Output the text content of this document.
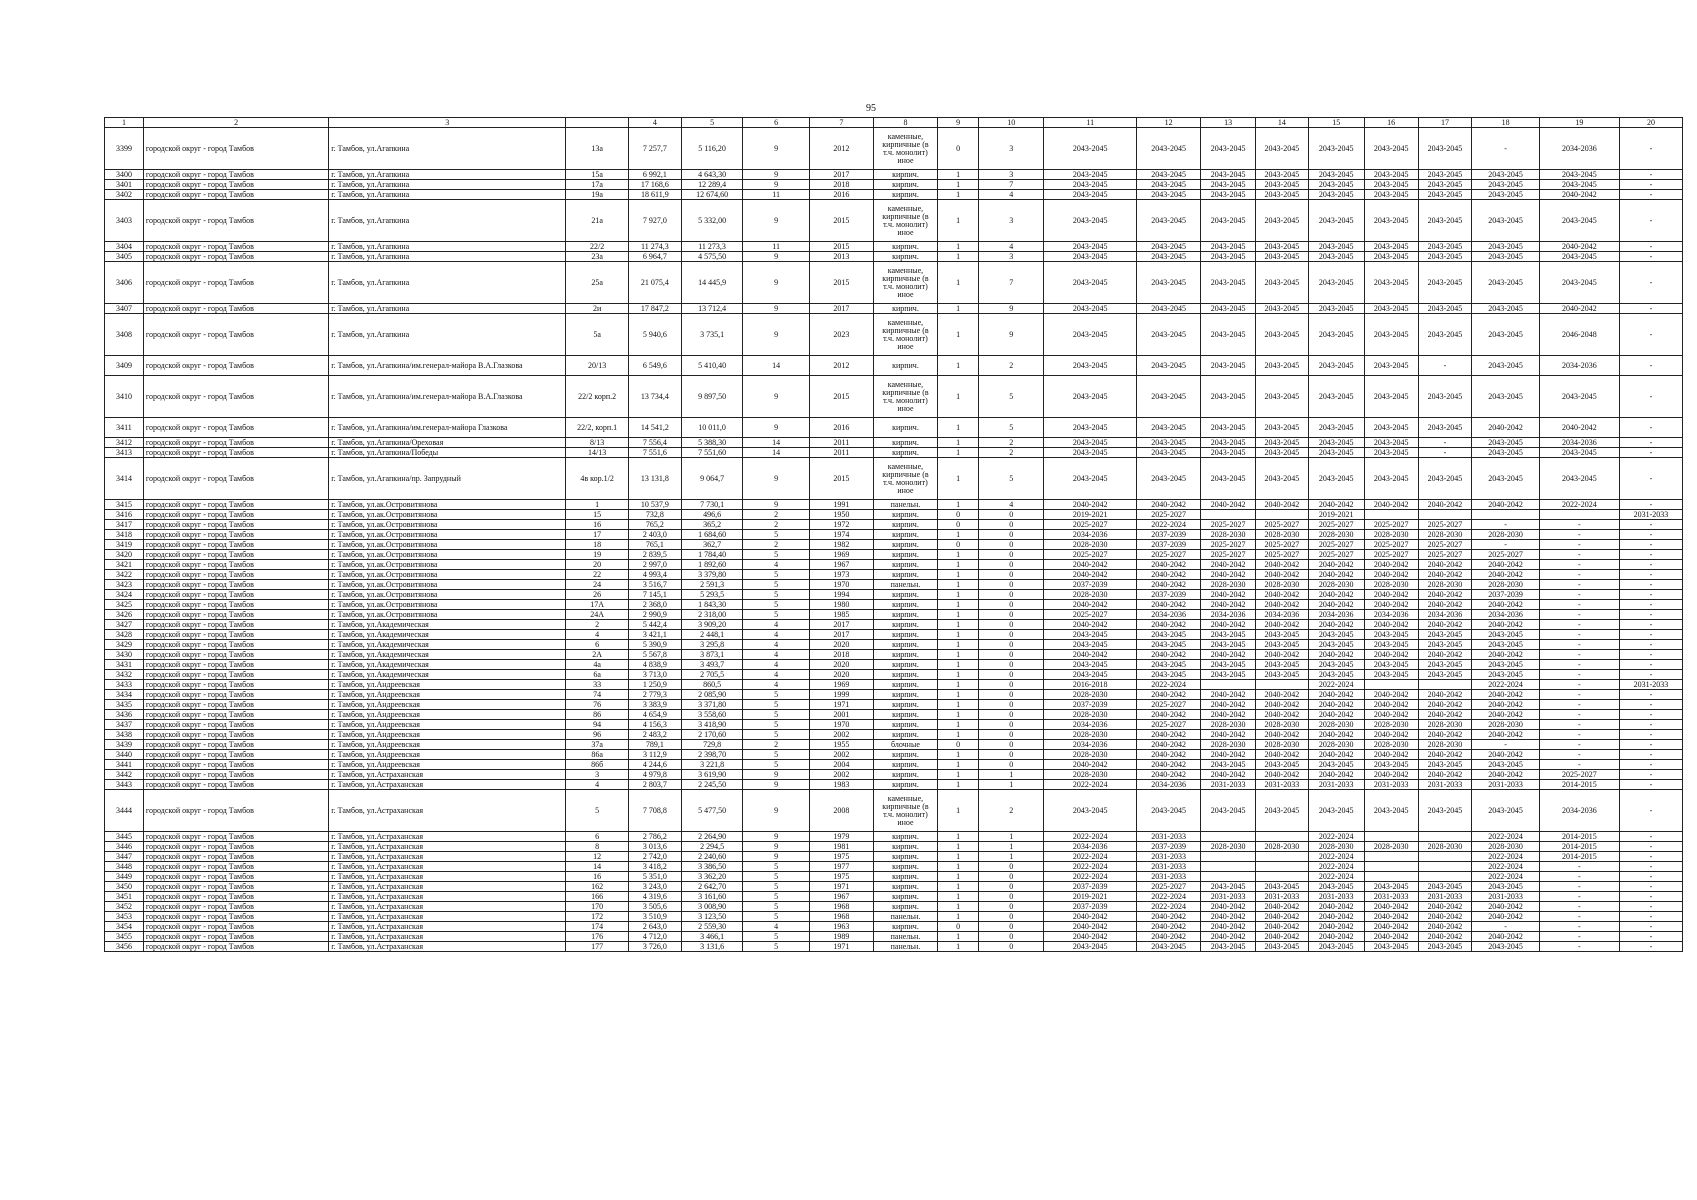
95
1	2	3		4	5	6	7	8	9	10	11	12	13	14	15	16	17	18	19	20
3399	городской округ - город Тамбов	г. Тамбов, ул.Агапкина	13а	7 257,7	5 116,20	9	2012	каменные, кирпичные (в т.ч. монолит) иное	0	3	2043-2045	2043-2045	2043-2045	2043-2045	2043-2045	2043-2045	2043-2045	-	2034-2036	-
3400	городской округ - город Тамбов	г. Тамбов, ул.Агапкина	15а	6 992,1	4 643,30	9	2017	кирпич.	1	3	2043-2045	2043-2045	2043-2045	2043-2045	2043-2045	2043-2045	2043-2045	2043-2045	2043-2045	-
3401	городской округ - город Тамбов	г. Тамбов, ул.Агапкина	17а	17 168,6	12 289,4	9	2018	кирпич.	1	7	2043-2045	2043-2045	2043-2045	2043-2045	2043-2045	2043-2045	2043-2045	2043-2045	2043-2045	-
3402	городской округ - город Тамбов	г. Тамбов, ул.Агапкина	19а	18 611,9	12 674,60	11	2016	кирпич.	1	4	2043-2045	2043-2045	2043-2045	2043-2045	2043-2045	2043-2045	2043-2045	2043-2045	2040-2042	-
3403	городской округ - город Тамбов	г. Тамбов, ул.Агапкина	21а	7 927,0	5 332,00	9	2015	каменные, кирпичные (в т.ч. монолит) иное	1	3	2043-2045	2043-2045	2043-2045	2043-2045	2043-2045	2043-2045	2043-2045	2043-2045	2043-2045	-
3404	городской округ - город Тамбов	г. Тамбов, ул.Агапкина	22/2	11 274,3	11 273,3	11	2015	кирпич.	1	4	2043-2045	2043-2045	2043-2045	2043-2045	2043-2045	2043-2045	2043-2045	2043-2045	2040-2042	-
3405	городской округ - город Тамбов	г. Тамбов, ул.Агапкина	23а	6 964,7	4 575,50	9	2013	кирпич.	1	3	2043-2045	2043-2045	2043-2045	2043-2045	2043-2045	2043-2045	2043-2045	2043-2045	2043-2045	-
3406	городской округ - город Тамбов	г. Тамбов, ул.Агапкина	25а	21 075,4	14 445,9	9	2015	каменные, кирпичные (в т.ч. монолит) иное	1	7	2043-2045	2043-2045	2043-2045	2043-2045	2043-2045	2043-2045	2043-2045	2043-2045	2043-2045	-
3407	городской округ - город Тамбов	г. Тамбов, ул.Агапкина	2и	17 847,2	13 712,4	9	2017	кирпич.	1	9	2043-2045	2043-2045	2043-2045	2043-2045	2043-2045	2043-2045	2043-2045	2043-2045	2040-2042	-
3408	городской округ - город Тамбов	г. Тамбов, ул.Агапкина	5а	5 940,6	3 735,1	9	2023	каменные, кирпичные (в т.ч. монолит) иное	1	9	2043-2045	2043-2045	2043-2045	2043-2045	2043-2045	2043-2045	2043-2045	2043-2045	2046-2048	-
3409	городской округ - город Тамбов	г. Тамбов, ул.Агапкина/им.генерал-майора В.А.Глазкова	20/13	6 549,6	5 410,40	14	2012	кирпич.	1	2	2043-2045	2043-2045	2043-2045	2043-2045	2043-2045	2043-2045	-	2043-2045	2034-2036	-
3410	городской округ - город Тамбов	г. Тамбов, ул.Агапкина/им.генерал-майора В.А.Глазкова	22/2 корп.2	13 734,4	9 897,50	9	2015	каменные, кирпичные (в т.ч. монолит) иное	1	5	2043-2045	2043-2045	2043-2045	2043-2045	2043-2045	2043-2045	2043-2045	2043-2045	2043-2045	-
3411	городской округ - город Тамбов	г. Тамбов, ул.Агапкина/им.генерал-майора Глазкова	22/2, корп.1	14 541,2	10 011,0	9	2016	кирпич.	1	5	2043-2045	2043-2045	2043-2045	2043-2045	2043-2045	2043-2045	2043-2045	2040-2042	2040-2042	-
3412	городской округ - город Тамбов	г. Тамбов, ул.Агапкина/Ореховая	8/13	7 556,4	5 388,30	14	2011	кирпич.	1	2	2043-2045	2043-2045	2043-2045	2043-2045	2043-2045	2043-2045	-	2043-2045	2034-2036	-
3413	городской округ - город Тамбов	г. Тамбов, ул.Агапкина/Победы	14/13	7 551,6	7 551,60	14	2011	кирпич.	1	2	2043-2045	2043-2045	2043-2045	2043-2045	2043-2045	2043-2045	-	2043-2045	2043-2045	-
3414	городской округ - город Тамбов	г. Тамбов, ул.Агапкина/пр. Запрудный	4в кор.1/2	13 131,8	9 064,7	9	2015	каменные, кирпичные (в т.ч. монолит) иное	1	5	2043-2045	2043-2045	2043-2045	2043-2045	2043-2045	2043-2045	2043-2045	2043-2045	2043-2045	-
3415	городской округ - город Тамбов	г. Тамбов, ул.ак.Островитянова	1	10 537,9	7 730,1	9	1991	панельн.	1	4	2040-2042	2040-2042	2040-2042	2040-2042	2040-2042	2040-2042	2040-2042	2040-2042	2022-2024	-
3416	городской округ - город Тамбов	г. Тамбов, ул.ак.Островитянова	15	732,8	496,6	2	1950	кирпич.	0	0	2019-2021	2025-2027			2019-2021					2031-2033
3417	городской округ - город Тамбов	г. Тамбов, ул.ак.Островитянова	16	765,2	365,2	2	1972	кирпич.	0	0	2025-2027	2022-2024	2025-2027	2025-2027	2025-2027	2025-2027	2025-2027	-	-	-
3418	городской округ - город Тамбов	г. Тамбов, ул.ак.Островитянова	17	2 403,0	1 684,60	5	1974	кирпич.	1	0	2034-2036	2037-2039	2028-2030	2028-2030	2028-2030	2028-2030	2028-2030	2028-2030	-	-
3419	городской округ - город Тамбов	г. Тамбов, ул.ак.Островитянова	18	765,1	362,7	2	1982	кирпич.	0	0	2028-2030	2037-2039	2025-2027	2025-2027	2025-2027	2025-2027	2025-2027	-	-	-
3420	городской округ - город Тамбов	г. Тамбов, ул.ак.Островитянова	19	2 839,5	1 784,40	5	1969	кирпич.	1	0	2025-2027	2025-2027	2025-2027	2025-2027	2025-2027	2025-2027	2025-2027	2025-2027	-	-
3421	городской округ - город Тамбов	г. Тамбов, ул.ак.Островитянова	20	2 997,0	1 892,60	4	1967	кирпич.	1	0	2040-2042	2040-2042	2040-2042	2040-2042	2040-2042	2040-2042	2040-2042	2040-2042	-	-
3422	городской округ - город Тамбов	г. Тамбов, ул.ак.Островитянова	22	4 993,4	3 379,80	5	1973	кирпич.	1	0	2040-2042	2040-2042	2040-2042	2040-2042	2040-2042	2040-2042	2040-2042	2040-2042	-	-
3423	городской округ - город Тамбов	г. Тамбов, ул.ак.Островитянова	24	3 516,7	2 591,3	5	1970	панельн.	1	0	2037-2039	2040-2042	2028-2030	2028-2030	2028-2030	2028-2030	2028-2030	2028-2030	-	-
3424	городской округ - город Тамбов	г. Тамбов, ул.ак.Островитянова	26	7 145,1	5 293,5	5	1994	кирпич.	1	0	2028-2030	2037-2039	2040-2042	2040-2042	2040-2042	2040-2042	2040-2042	2037-2039	-	-
3425	городской округ - город Тамбов	г. Тамбов, ул.ак.Островитянова	17А	2 368,0	1 843,30	5	1980	кирпич.	1	0	2040-2042	2040-2042	2040-2042	2040-2042	2040-2042	2040-2042	2040-2042	2040-2042	-	-
3426	городской округ - город Тамбов	г. Тамбов, ул.ак.Островитянова	24А	2 990,9	2 318,00	5	1985	кирпич.	1	0	2025-2027	2034-2036	2034-2036	2034-2036	2034-2036	2034-2036	2034-2036	2034-2036	-	-
3427	городской округ - город Тамбов	г. Тамбов, ул.Академическая	2	5 442,4	3 909,20	4	2017	кирпич.	1	0	2040-2042	2040-2042	2040-2042	2040-2042	2040-2042	2040-2042	2040-2042	2040-2042	-	-
3428	городской округ - город Тамбов	г. Тамбов, ул.Академическая	4	3 421,1	2 448,1	4	2017	кирпич.	1	0	2043-2045	2043-2045	2043-2045	2043-2045	2043-2045	2043-2045	2043-2045	2043-2045	-	-
3429	городской округ - город Тамбов	г. Тамбов, ул.Академическая	6	5 390,9	3 295,8	4	2020	кирпич.	1	0	2043-2045	2043-2045	2043-2045	2043-2045	2043-2045	2043-2045	2043-2045	2043-2045	-	-
3430	городской округ - город Тамбов	г. Тамбов, ул.Академическая	2А	5 567,8	3 873,1	4	2018	кирпич.	1	0	2040-2042	2040-2042	2040-2042	2040-2042	2040-2042	2040-2042	2040-2042	2040-2042	-	-
3431	городской округ - город Тамбов	г. Тамбов, ул.Академическая	4а	4 838,9	3 493,7	4	2020	кирпич.	1	0	2043-2045	2043-2045	2043-2045	2043-2045	2043-2045	2043-2045	2043-2045	2043-2045	-	-
3432	городской округ - город Тамбов	г. Тамбов, ул.Академическая	6а	3 713,0	2 705,5	4	2020	кирпич.	1	0	2043-2045	2043-2045	2043-2045	2043-2045	2043-2045	2043-2045	2043-2045	2043-2045	-	-
3433	городской округ - город Тамбов	г. Тамбов, ул.Андреевская	33	1 250,9	860,5	4	1969	кирпич.	1	0	2016-2018	2022-2024			2022-2024			2022-2024	-	2031-2033
3434	городской округ - город Тамбов	г. Тамбов, ул.Андреевская	74	2 779,3	2 085,90	5	1999	кирпич.	1	0	2028-2030	2040-2042	2040-2042	2040-2042	2040-2042	2040-2042	2040-2042	2040-2042	-	-
3435	городской округ - город Тамбов	г. Тамбов, ул.Андреевская	76	3 383,9	3 371,80	5	1971	кирпич.	1	0	2037-2039	2025-2027	2040-2042	2040-2042	2040-2042	2040-2042	2040-2042	2040-2042	-	-
3436	городской округ - город Тамбов	г. Тамбов, ул.Андреевская	86	4 654,9	3 558,60	5	2001	кирпич.	1	0	2028-2030	2040-2042	2040-2042	2040-2042	2040-2042	2040-2042	2040-2042	2040-2042	-	-
3437	городской округ - город Тамбов	г. Тамбов, ул.Андреевская	94	4 156,3	3 418,90	5	1970	кирпич.	1	0	2034-2036	2025-2027	2028-2030	2028-2030	2028-2030	2028-2030	2028-2030	2028-2030	-	-
3438	городской округ - город Тамбов	г. Тамбов, ул.Андреевская	96	2 483,2	2 170,60	5	2002	кирпич.	1	0	2028-2030	2040-2042	2040-2042	2040-2042	2040-2042	2040-2042	2040-2042	2040-2042	-	-
3439	городской округ - город Тамбов	г. Тамбов, ул.Андреевская	37а	789,1	729,8	2	1955	блочные	0	0	2034-2036	2040-2042	2028-2030	2028-2030	2028-2030	2028-2030	2028-2030	-	-	-
3440	городской округ - город Тамбов	г. Тамбов, ул.Андреевская	86а	3 112,9	2 398,70	5	2002	кирпич.	1	0	2028-2030	2040-2042	2040-2042	2040-2042	2040-2042	2040-2042	2040-2042	2040-2042	-	-
3441	городской округ - город Тамбов	г. Тамбов, ул.Андреевская	86б	4 244,6	3 221,8	5	2004	кирпич.	1	0	2040-2042	2040-2042	2043-2045	2043-2045	2043-2045	2043-2045	2043-2045	2043-2045	-	-
3442	городской округ - город Тамбов	г. Тамбов, ул.Астраханская	3	4 979,8	3 619,90	9	2002	кирпич.	1	1	2028-2030	2040-2042	2040-2042	2040-2042	2040-2042	2040-2042	2040-2042	2040-2042	2025-2027	-
3443	городской округ - город Тамбов	г. Тамбов, ул.Астраханская	4	2 803,7	2 245,50	9	1983	кирпич.	1	1	2022-2024	2034-2036	2031-2033	2031-2033	2031-2033	2031-2033	2031-2033	2031-2033	2014-2015	-
3444	городской округ - город Тамбов	г. Тамбов, ул.Астраханская	5	7 708,8	5 477,50	9	2008	каменные, кирпичные (в т.ч. монолит) иное	1	2	2043-2045	2043-2045	2043-2045	2043-2045	2043-2045	2043-2045	2043-2045	2043-2045	2034-2036	-
3445	городской округ - город Тамбов	г. Тамбов, ул.Астраханская	6	2 786,2	2 264,90	9	1979	кирпич.	1	1	2022-2024	2031-2033			2022-2024			2022-2024	2014-2015	-
3446	городской округ - город Тамбов	г. Тамбов, ул.Астраханская	8	3 013,6	2 294,5	9	1981	кирпич.	1	1	2034-2036	2037-2039	2028-2030	2028-2030	2028-2030	2028-2030	2028-2030	2028-2030	2014-2015	-
3447	городской округ - город Тамбов	г. Тамбов, ул.Астраханская	12	2 742,0	2 240,60	9	1975	кирпич.	1	1	2022-2024	2031-2033			2022-2024			2022-2024	2014-2015	-
3448	городской округ - город Тамбов	г. Тамбов, ул.Астраханская	14	3 418,2	3 386,50	5	1977	кирпич.	1	0	2022-2024	2031-2033			2022-2024			2022-2024	-	-
3449	городской округ - город Тамбов	г. Тамбов, ул.Астраханская	16	5 351,0	3 362,20	5	1975	кирпич.	1	0	2022-2024	2031-2033			2022-2024			2022-2024	-	-
3450	городской округ - город Тамбов	г. Тамбов, ул.Астраханская	162	3 243,0	2 642,70	5	1971	кирпич.	1	0	2037-2039	2025-2027	2043-2045	2043-2045	2043-2045	2043-2045	2043-2045	2043-2045	-	-
3451	городской округ - город Тамбов	г. Тамбов, ул.Астраханская	166	4 319,6	3 161,60	5	1967	кирпич.	1	0	2019-2021	2022-2024	2031-2033	2031-2033	2031-2033	2031-2033	2031-2033	2031-2033	-	-
3452	городской округ - город Тамбов	г. Тамбов, ул.Астраханская	170	3 505,6	3 008,90	5	1968	кирпич.	1	0	2037-2039	2022-2024	2040-2042	2040-2042	2040-2042	2040-2042	2040-2042	2040-2042	-	-
3453	городской округ - город Тамбов	г. Тамбов, ул.Астраханская	172	3 510,9	3 123,50	5	1968	панельн.	1	0	2040-2042	2040-2042	2040-2042	2040-2042	2040-2042	2040-2042	2040-2042	2040-2042	-	-
3454	городской округ - город Тамбов	г. Тамбов, ул.Астраханская	174	2 643,0	2 559,30	4	1963	кирпич.	0	0	2040-2042	2040-2042	2040-2042	2040-2042	2040-2042	2040-2042	2040-2042	-	-	-
3455	городской округ - город Тамбов	г. Тамбов, ул.Астраханская	176	4 712,0	3 466,1	5	1989	панельн.	1	0	2040-2042	2040-2042	2040-2042	2040-2042	2040-2042	2040-2042	2040-2042	2040-2042	-	-
3456	городской округ - город Тамбов	г. Тамбов, ул.Астраханская	177	3 726,0	3 131,6	5	1971	панельн.	1	0	2043-2045	2043-2045	2043-2045	2043-2045	2043-2045	2043-2045	2043-2045	2043-2045	-	-
